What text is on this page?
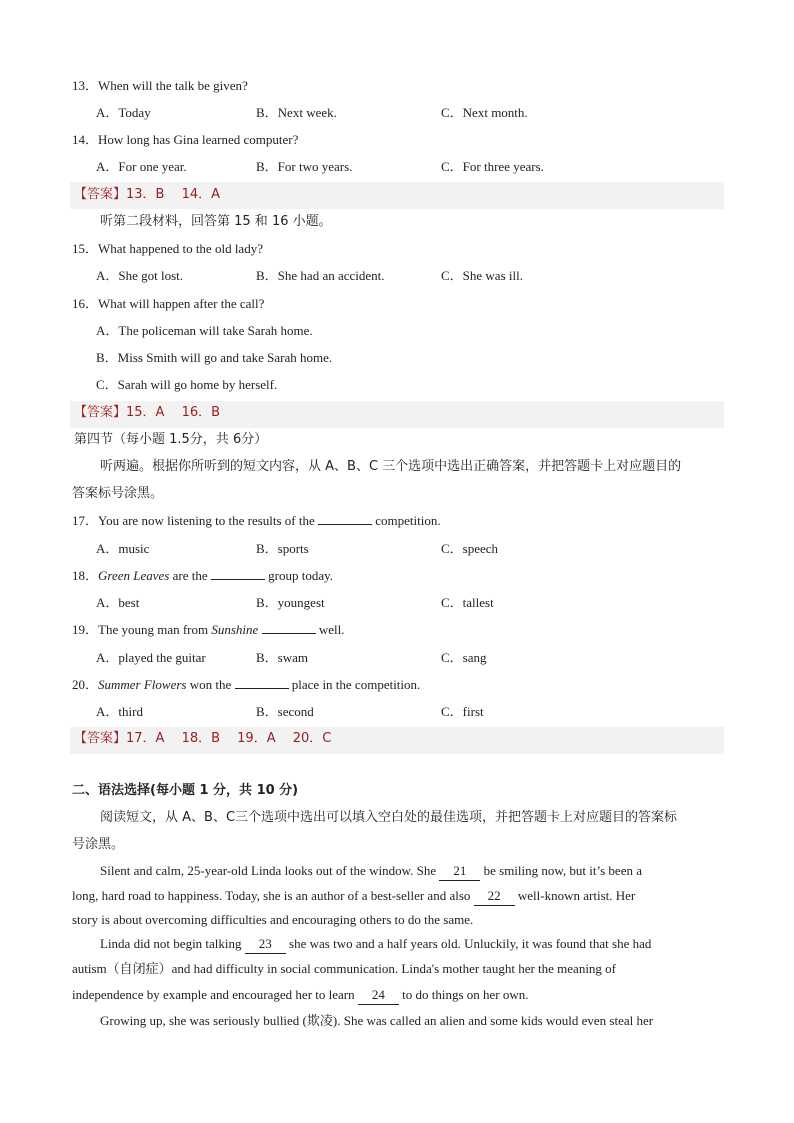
13．When will the talk be given?
A．Today	B．Next week.	C．Next month.
14．How long has Gina learned computer?
A．For one year.	B．For two years.	C．For three years.
【答案】13．B　 14．A
听第二段材料，回答第 15 和 16 小题。
15．What happened to the old lady?
A．She got lost.	B．She had an accident.	C．She was ill.
16．What will happen after the call?
A．The policeman will take Sarah home.
B．Miss Smith will go and take Sarah home.
C．Sarah will go home by herself.
【答案】15．A　 16．B
第四节（每小题 1.5分，共 6分）
听两遍。根据你所听到的短文内容，从 A、B、C 三个选项中选出正确答案，并把答题卡上对应题目的
答案标号涂黑。
17．You are now listening to the results of the	competition.
A．music	B．sports	C．speech
18．Green Leaves are the	group today.
A．best	B．youngest	C．tallest
19．The young man from Sunshine	well.
A．played the guitar	B．swam	C．sang
20．Summer Flowers won the	place in the competition.
A．third	B．second	C．first
【答案】17．A　 18．B　 19．A　 20．C
二、语法选择(每小题 1 分，共 10 分)
阅读短文，从 A、B、C三个选项中选出可以填入空白处的最佳选项，并把答题卡上对应题目的答案标
号涂黑。
Silent and calm, 25-year-old Linda looks out of the window. She 21 be smiling now, but it’s been a
long, hard road to happiness. Today, she is an author of a best-seller and also 22 well-known artist. Her
story is about overcoming difficulties and encouraging others to do the same.
Linda did not begin talking 23 she was two and a half years old. Unluckily, it was found that she had
autism（自闭症）and had difficulty in social communication. Linda's mother taught her the meaning of
independence by example and encouraged her to learn 24 to do things on her own.
Growing up, she was seriously bullied (欺凌). She was called an alien and some kids would even steal her
